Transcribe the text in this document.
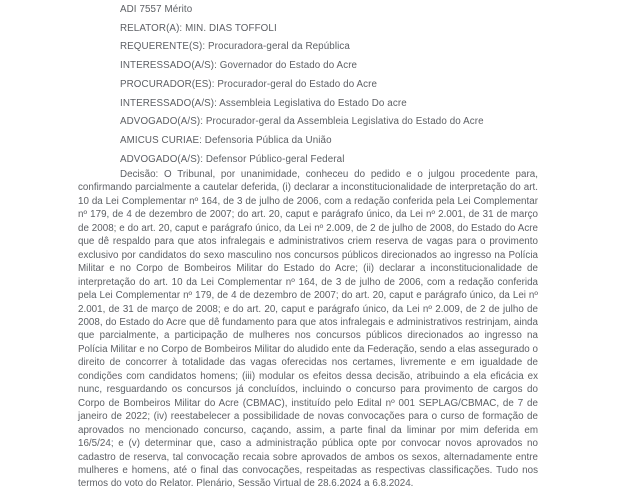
ADI 7557 Mérito
RELATOR(A): MIN. DIAS TOFFOLI
REQUERENTE(S): Procuradora-geral da República
INTERESSADO(A/S): Governador do Estado do Acre
PROCURADOR(ES): Procurador-geral do Estado do Acre
INTERESSADO(A/S): Assembleia Legislativa do Estado Do acre
ADVOGADO(A/S): Procurador-geral da Assembleia Legislativa do Estado do Acre
AMICUS CURIAE: Defensoria Pública da União
ADVOGADO(A/S): Defensor Público-geral Federal
Decisão: O Tribunal, por unanimidade, conheceu do pedido e o julgou procedente para, confirmando parcialmente a cautelar deferida, (i) declarar a inconstitucionalidade de interpretação do art. 10 da Lei Complementar nº 164, de 3 de julho de 2006, com a redação conferida pela Lei Complementar nº 179, de 4 de dezembro de 2007; do art. 20, caput e parágrafo único, da Lei nº 2.001, de 31 de março de 2008; e do art. 20, caput e parágrafo único, da Lei nº 2.009, de 2 de julho de 2008, do Estado do Acre que dê respaldo para que atos infralegais e administrativos criem reserva de vagas para o provimento exclusivo por candidatos do sexo masculino nos concursos públicos direcionados ao ingresso na Polícia Militar e no Corpo de Bombeiros Militar do Estado do Acre; (ii) declarar a inconstitucionalidade de interpretação do art. 10 da Lei Complementar nº 164, de 3 de julho de 2006, com a redação conferida pela Lei Complementar nº 179, de 4 de dezembro de 2007; do art. 20, caput e parágrafo único, da Lei nº 2.001, de 31 de março de 2008; e do art. 20, caput e parágrafo único, da Lei nº 2.009, de 2 de julho de 2008, do Estado do Acre que dê fundamento para que atos infralegais e administrativos restrinjam, ainda que parcialmente, a participação de mulheres nos concursos públicos direcionados ao ingresso na Polícia Militar e no Corpo de Bombeiros Militar do aludido ente da Federação, sendo a elas assegurado o direito de concorrer à totalidade das vagas oferecidas nos certames, livremente e em igualdade de condições com candidatos homens; (iii) modular os efeitos dessa decisão, atribuindo a ela eficácia ex nunc, resguardando os concursos já concluídos, incluindo o concurso para provimento de cargos do Corpo de Bombeiros Militar do Acre (CBMAC), instituído pelo Edital nº 001 SEPLAG/CBMAC, de 7 de janeiro de 2022; (iv) reestabelecer a possibilidade de novas convocações para o curso de formação de aprovados no mencionado concurso, caçando, assim, a parte final da liminar por mim deferida em 16/5/24; e (v) determinar que, caso a administração pública opte por convocar novos aprovados no cadastro de reserva, tal convocação recaia sobre aprovados de ambos os sexos, alternadamente entre mulheres e homens, até o final das convocações, respeitadas as respectivas classificações. Tudo nos termos do voto do Relator. Plenário, Sessão Virtual de 28.6.2024 a 6.8.2024.
